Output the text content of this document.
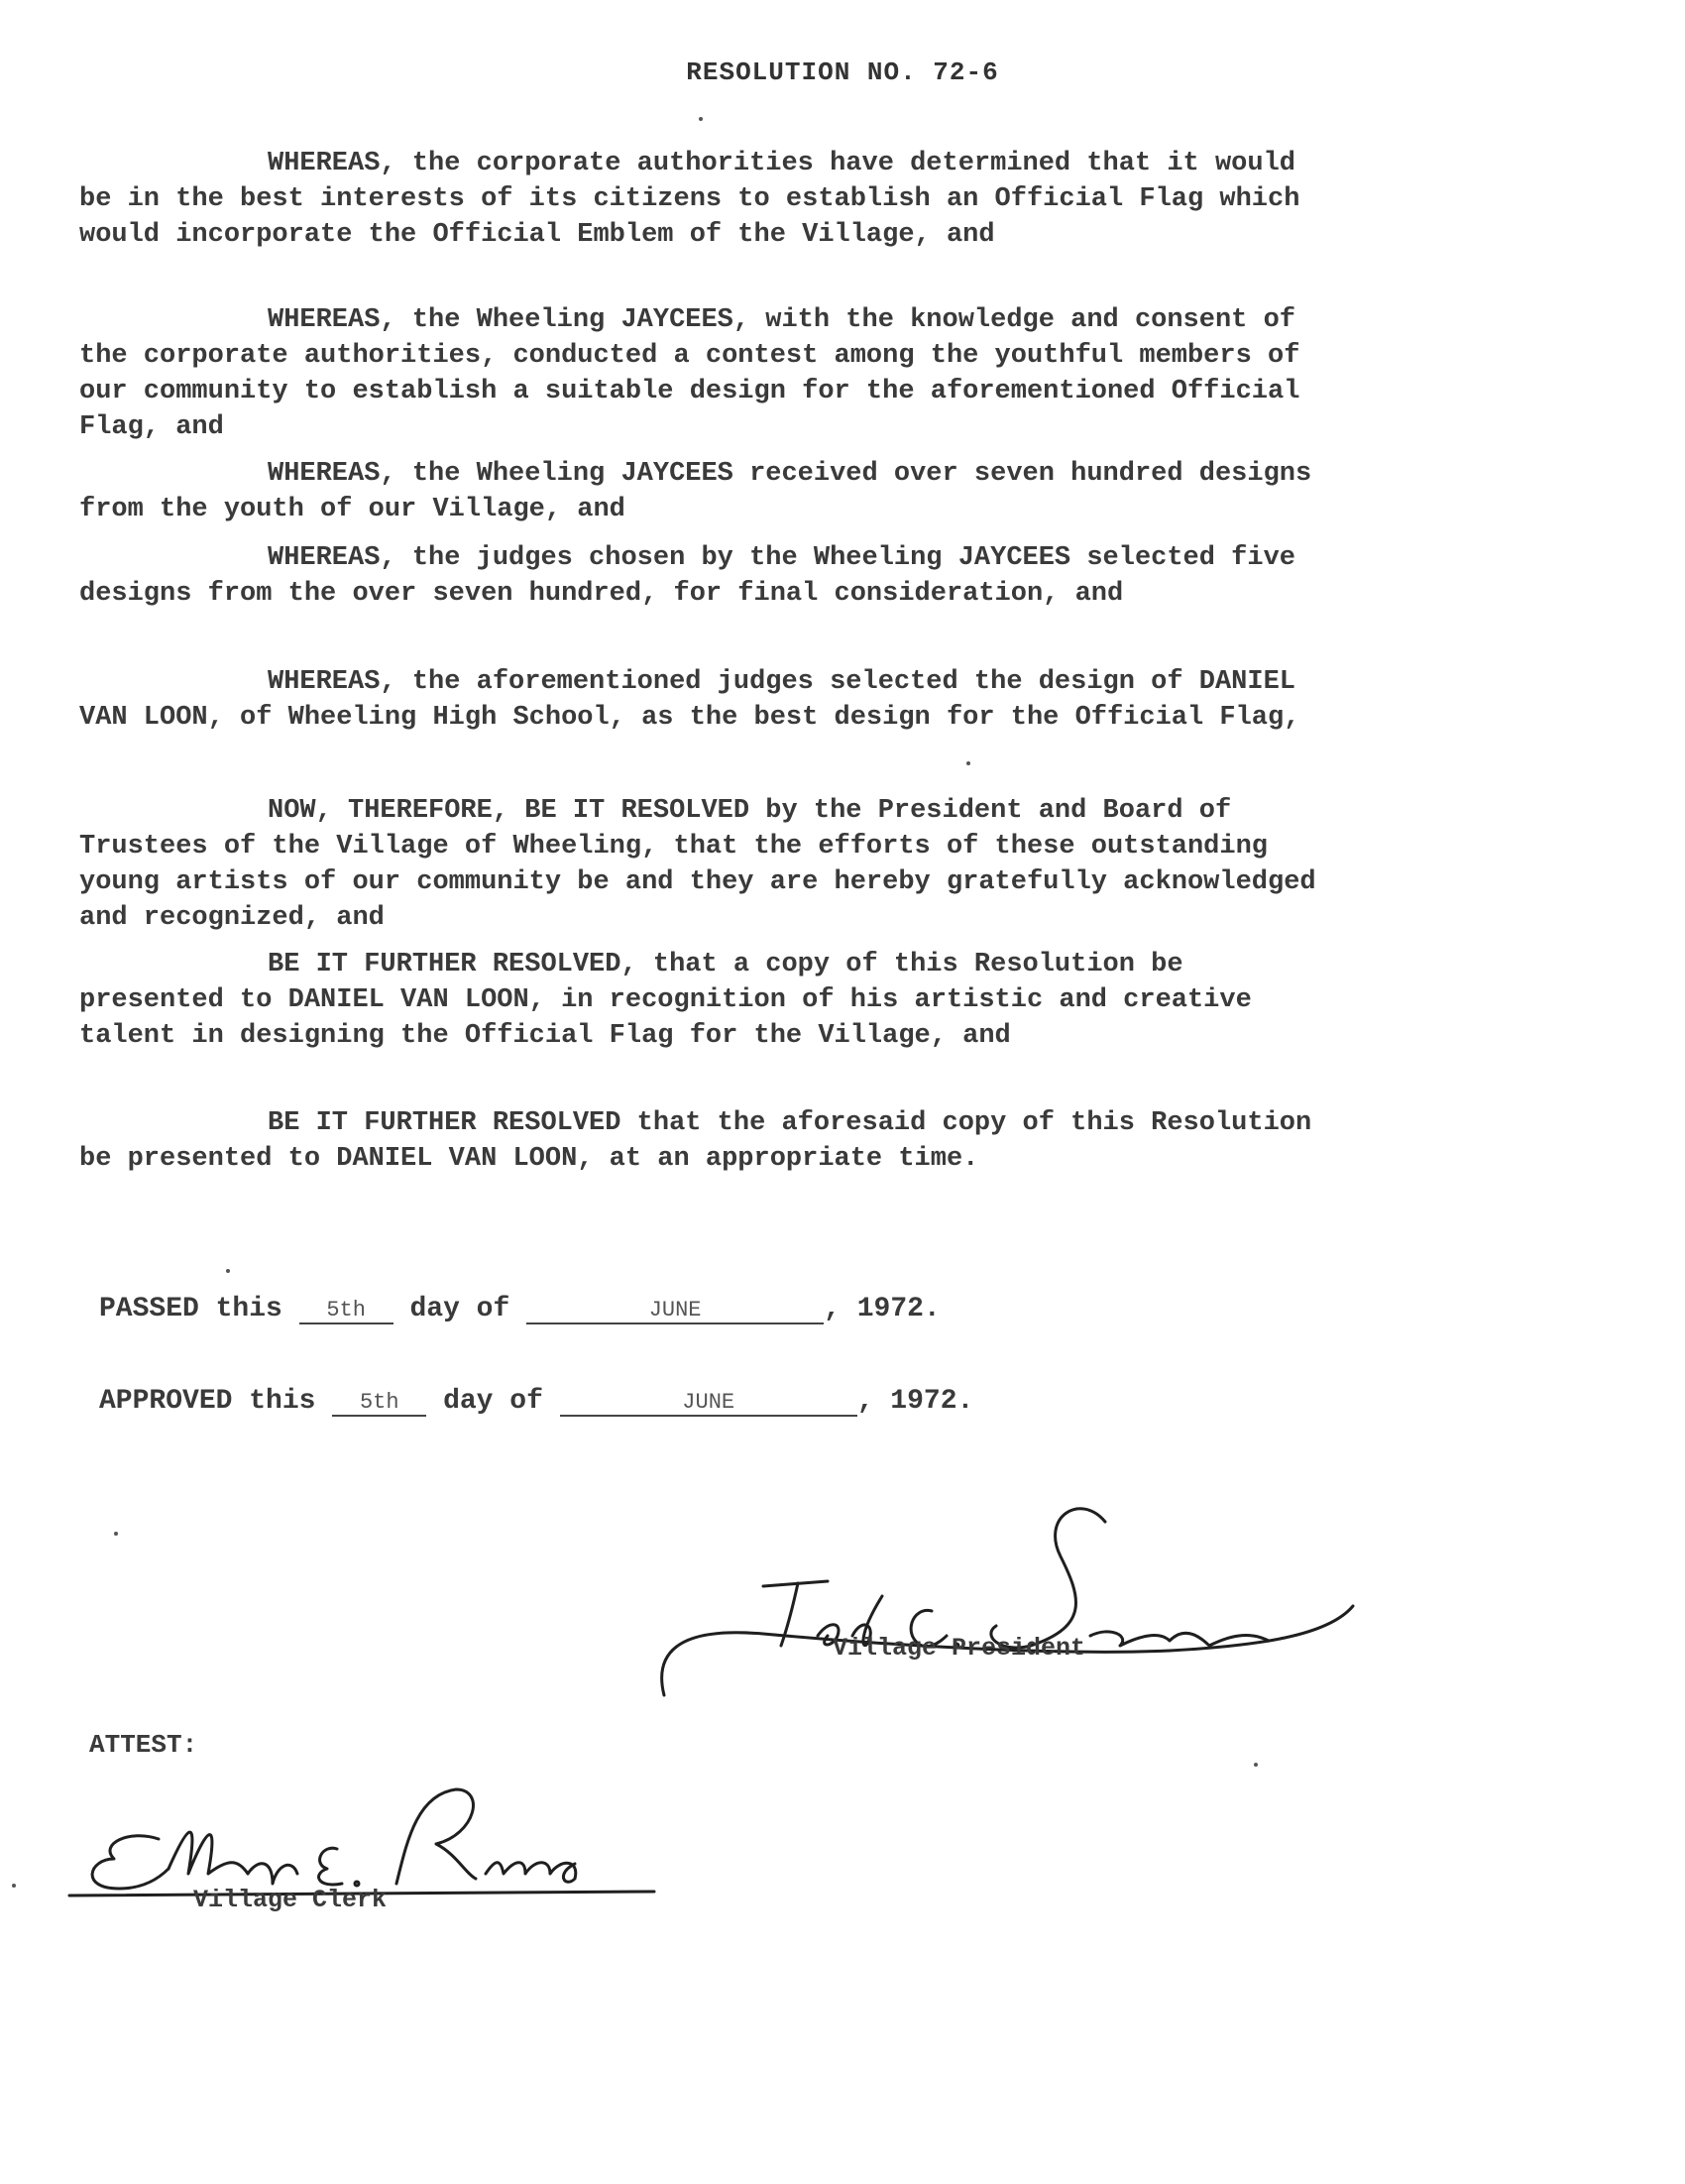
RESOLUTION NO. 72-6
WHEREAS, the corporate authorities have determined that it would be in the best interests of its citizens to establish an Official Flag which would incorporate the Official Emblem of the Village, and
WHEREAS, the Wheeling JAYCEES, with the knowledge and consent of the corporate authorities, conducted a contest among the youthful members of our community to establish a suitable design for the aforementioned Official Flag, and
WHEREAS, the Wheeling JAYCEES received over seven hundred designs from the youth of our Village, and
WHEREAS, the judges chosen by the Wheeling JAYCEES selected five designs from the over seven hundred, for final consideration, and
WHEREAS, the aforementioned judges selected the design of DANIEL VAN LOON, of Wheeling High School, as the best design for the Official Flag,
NOW, THEREFORE, BE IT RESOLVED by the President and Board of Trustees of the Village of Wheeling, that the efforts of these outstanding young artists of our community be and they are hereby gratefully acknowledged and recognized, and
BE IT FURTHER RESOLVED, that a copy of this Resolution be presented to DANIEL VAN LOON, in recognition of his artistic and creative talent in designing the Official Flag for the Village, and
BE IT FURTHER RESOLVED that the aforesaid copy of this Resolution be presented to DANIEL VAN LOON, at an appropriate time.
PASSED this 5th day of	JUNE	, 1972.
APPROVED this 5th day of	JUNE	, 1972.
Village President
ATTEST:
Village Clerk
